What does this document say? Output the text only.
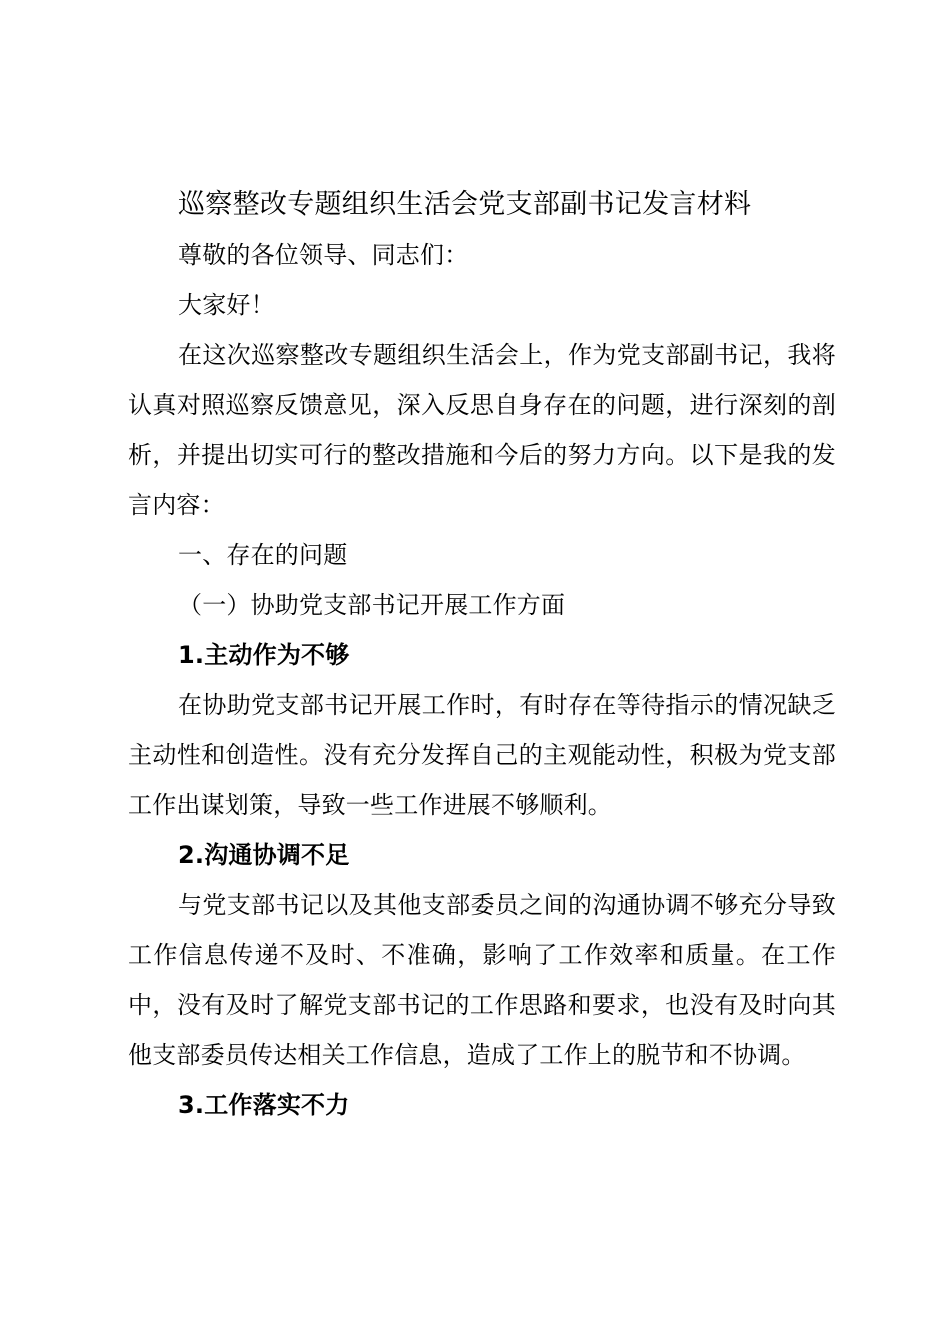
巡察整改专题组织生活会党支部副书记发言材料

尊敬的各位领导、同志们：

大家好！

在这次巡察整改专题组织生活会上，作为党支部副书记，我将认真对照巡察反馈意见，深入反思自身存在的问题，进行深刻的剖析，并提出切实可行的整改措施和今后的努力方向。以下是我的发言内容：

一、存在的问题

（一）协助党支部书记开展工作方面

1.主动作为不够

在协助党支部书记开展工作时，有时存在等待指示的情况缺乏主动性和创造性。没有充分发挥自己的主观能动性，积极为党支部工作出谋划策，导致一些工作进展不够顺利。

2.沟通协调不足

与党支部书记以及其他支部委员之间的沟通协调不够充分导致工作信息传递不及时、不准确，影响了工作效率和质量。在工作中，没有及时了解党支部书记的工作思路和要求，也没有及时向其他支部委员传达相关工作信息，造成了工作上的脱节和不协调。

3.工作落实不力
